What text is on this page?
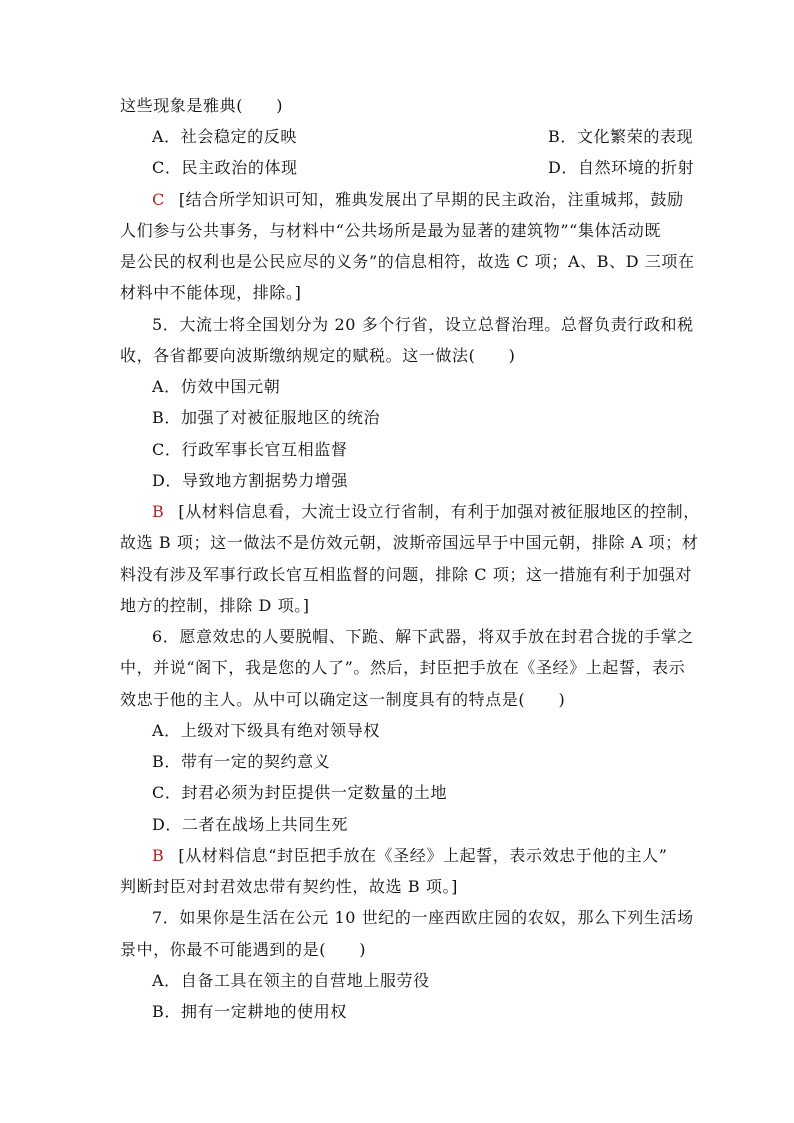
这些现象是雅典(　　)
A．社会稳定的反映	B．文化繁荣的表现
C．民主政治的体现	D．自然环境的折射
C [结合所学知识可知，雅典发展出了早期的民主政治，注重城邦，鼓励
人们参与公共事务，与材料中“公共场所是最为显著的建筑物”“集体活动既
是公民的权利也是公民应尽的义务”的信息相符，故选 C 项；A、B、D 三项在
材料中不能体现，排除。]
5．大流士将全国划分为 20 多个行省，设立总督治理。总督负责行政和税
收，各省都要向波斯缴纳规定的赋税。这一做法(　　)
A．仿效中国元朝
B．加强了对被征服地区的统治
C．行政军事长官互相监督
D．导致地方割据势力增强
B [从材料信息看，大流士设立行省制，有利于加强对被征服地区的控制，
故选 B 项；这一做法不是仿效元朝，波斯帝国远早于中国元朝，排除 A 项；材
料没有涉及军事行政长官互相监督的问题，排除 C 项；这一措施有利于加强对
地方的控制，排除 D 项。]
6．愿意效忠的人要脱帽、下跪、解下武器，将双手放在封君合拢的手掌之
中，并说“阁下，我是您的人了”。然后，封臣把手放在《圣经》上起誓，表示
效忠于他的主人。从中可以确定这一制度具有的特点是(　　)
A．上级对下级具有绝对领导权
B．带有一定的契约意义
C．封君必须为封臣提供一定数量的土地
D．二者在战场上共同生死
B [从材料信息“封臣把手放在《圣经》上起誓，表示效忠于他的主人”
判断封臣对封君效忠带有契约性，故选 B 项。]
7．如果你是生活在公元 10 世纪的一座西欧庄园的农奴，那么下列生活场
景中，你最不可能遇到的是(　　)
A．自备工具在领主的自营地上服劳役
B．拥有一定耕地的使用权
